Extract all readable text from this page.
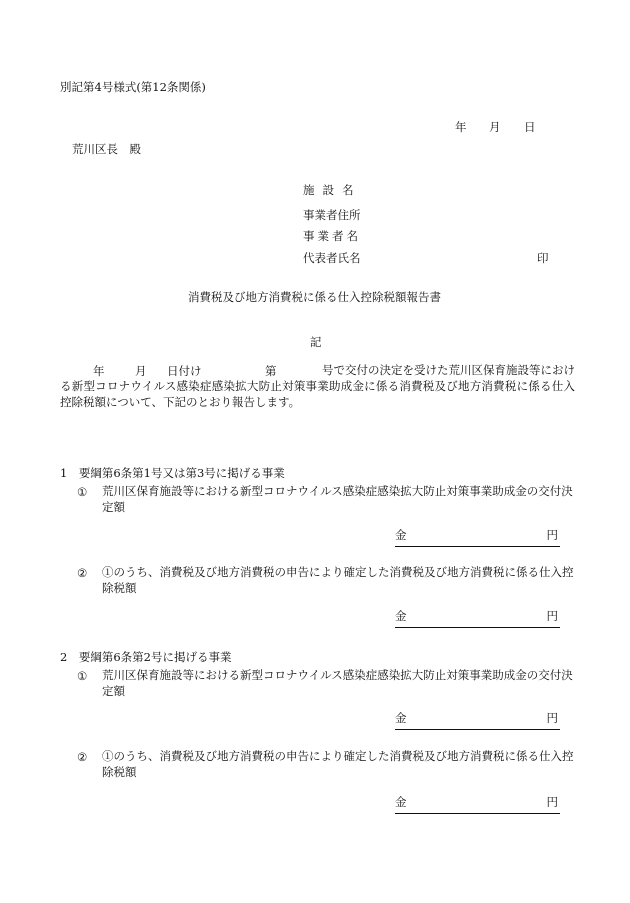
別記第4号様式(第12条関係)
年 月 日
荒川区長　殿
施設名
事業者住所
事業者名
代表者氏名	印
消費税及び地方消費税に係る仕入控除税額報告書
記
年	月 日付け	第	号で交付の決定を受けた荒川区保育施設等における新型コロナウイルス感染症感染拡大防止対策事業助成金に係る消費税及び地方消費税に係る仕入控除税額について、下記のとおり報告します。
1　要綱第6条第1号又は第3号に掲げる事業
① 荒川区保育施設等における新型コロナウイルス感染症感染拡大防止対策事業助成金の交付決定額
金	円
② ①のうち、消費税及び地方消費税の申告により確定した消費税及び地方消費税に係る仕入控除税額
金	円
2　要綱第6条第2号に掲げる事業
① 荒川区保育施設等における新型コロナウイルス感染症感染拡大防止対策事業助成金の交付決定額
金	円
② ①のうち、消費税及び地方消費税の申告により確定した消費税及び地方消費税に係る仕入控除税額
金	円
